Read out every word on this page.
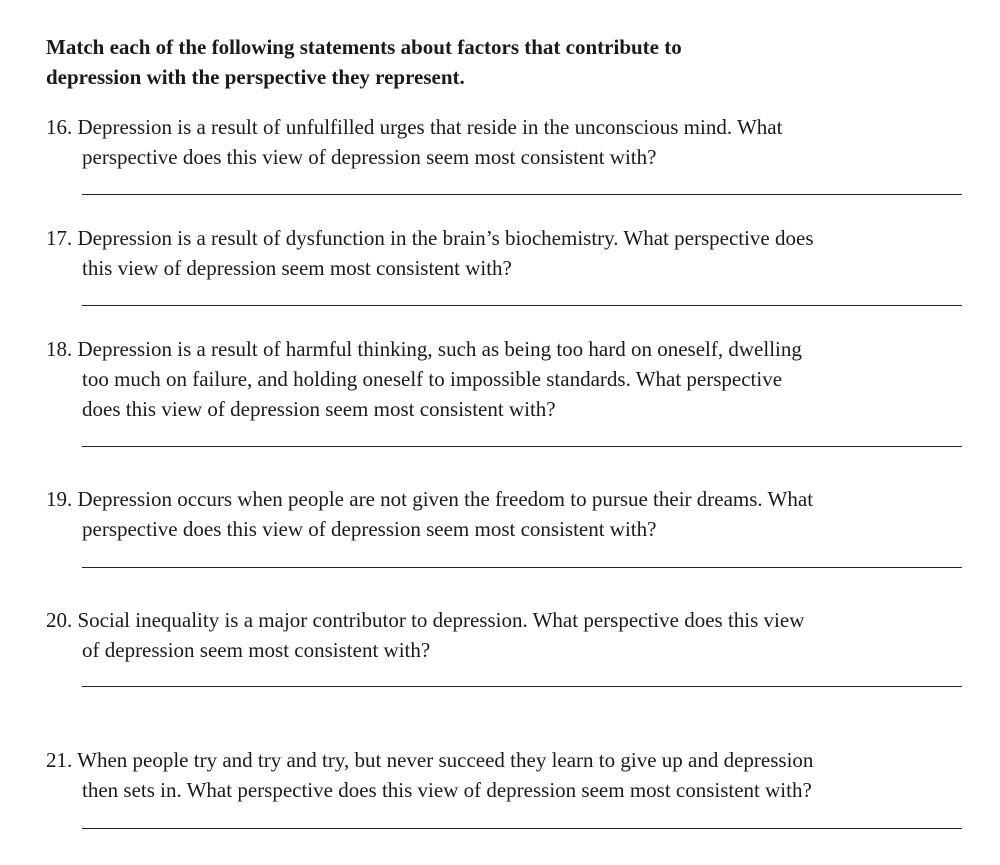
Match each of the following statements about factors that contribute to
depression with the perspective they represent.
16. Depression is a result of unfulfilled urges that reside in the unconscious mind. What
perspective does this view of depression seem most consistent with?
17. Depression is a result of dysfunction in the brain’s biochemistry. What perspective does
this view of depression seem most consistent with?
18. Depression is a result of harmful thinking, such as being too hard on oneself, dwelling
too much on failure, and holding oneself to impossible standards. What perspective
does this view of depression seem most consistent with?
19. Depression occurs when people are not given the freedom to pursue their dreams. What
perspective does this view of depression seem most consistent with?
20. Social inequality is a major contributor to depression. What perspective does this view
of depression seem most consistent with?
21. When people try and try and try, but never succeed they learn to give up and depression
then sets in. What perspective does this view of depression seem most consistent with?
